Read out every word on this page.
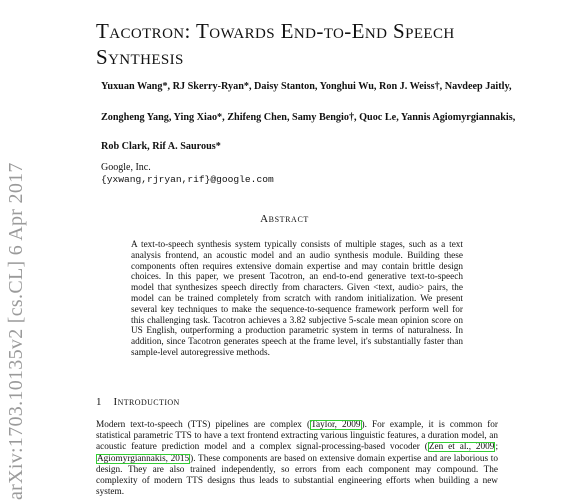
arXiv:1703.10135v2 [cs.CL] 6 Apr 2017
Tacotron: Towards End-to-End Speech Synthesis
Yuxuan Wang*, RJ Skerry-Ryan*, Daisy Stanton, Yonghui Wu, Ron J. Weiss†, Navdeep Jaitly,
Zongheng Yang, Ying Xiao*, Zhifeng Chen, Samy Bengio†, Quoc Le, Yannis Agiomyrgiannakis,
Rob Clark, Rif A. Saurous*
Google, Inc.
{yxwang,rjryan,rif}@google.com
Abstract
A text-to-speech synthesis system typically consists of multiple stages, such as a text analysis frontend, an acoustic model and an audio synthesis module. Building these components often requires extensive domain expertise and may contain brittle design choices. In this paper, we present Tacotron, an end-to-end generative text-to-speech model that synthesizes speech directly from characters. Given <text, audio> pairs, the model can be trained completely from scratch with random initialization. We present several key techniques to make the sequence-to-sequence framework perform well for this challenging task. Tacotron achieves a 3.82 subjective 5-scale mean opinion score on US English, outperforming a production parametric system in terms of naturalness. In addition, since Tacotron generates speech at the frame level, it's substantially faster than sample-level autoregressive methods.
1 Introduction
Modern text-to-speech (TTS) pipelines are complex (Taylor, 2009). For example, it is common for statistical parametric TTS to have a text frontend extracting various linguistic features, a duration model, an acoustic feature prediction model and a complex signal-processing-based vocoder (Zen et al., 2009; Agiomyrgiannakis, 2015). These components are based on extensive domain expertise and are laborious to design. They are also trained independently, so errors from each component may compound. The complexity of modern TTS designs thus leads to substantial engineering efforts when building a new system.
